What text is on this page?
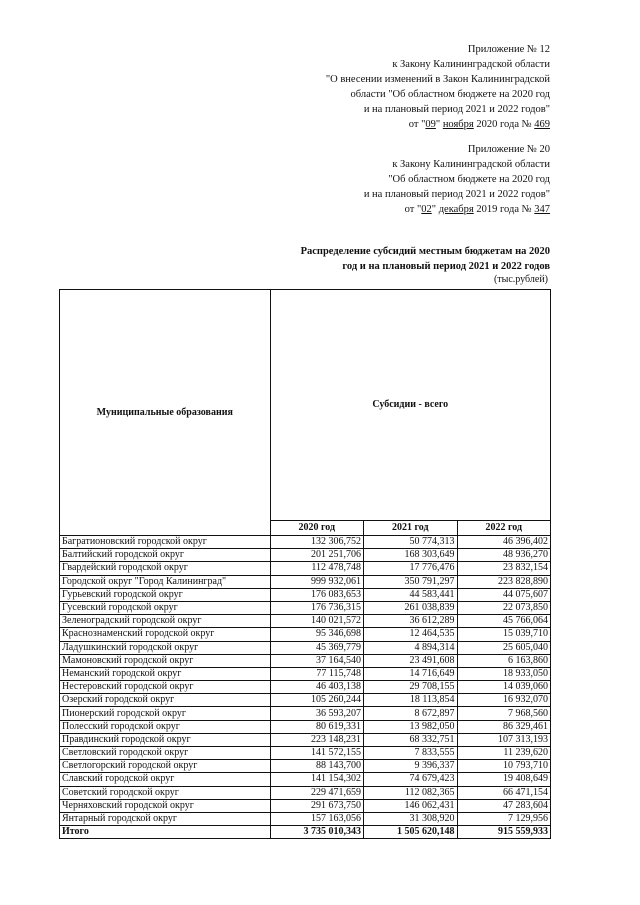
Приложение № 12
к Закону Калининградской области
"О внесении изменений в Закон Калининградской
области "Об областном бюджете на 2020 год
и на плановый период 2021 и 2022 годов"
от "09" ноября 2020 года № 469
Приложение № 20
к Закону Калининградской области
"Об областном бюджете на 2020 год
и на плановый период 2021 и 2022 годов"
от "02" декабря 2019 года № 347
Распределение субсидий местным бюджетам на 2020
год и на плановый период 2021 и 2022 годов
(тыс.рублей)
Муниципальные образования	Субсидии - всего		
	2020 год	2021 год	2022 год
Багратионовский городской округ	132 306,752	50 774,313	46 396,402
Балтийский городской округ	201 251,706	168 303,649	48 936,270
Гвардейский городской округ	112 478,748	17 776,476	23 832,154
Городской округ "Город Калининград"	999 932,061	350 791,297	223 828,890
Гурьевский городской округ	176 083,653	44 583,441	44 075,607
Гусевский городской округ	176 736,315	261 038,839	22 073,850
Зеленоградский городской округ	140 021,572	36 612,289	45 766,064
Краснознаменский городской округ	95 346,698	12 464,535	15 039,710
Ладушкинский городской округ	45 369,779	4 894,314	25 605,040
Мамоновский городской округ	37 164,540	23 491,608	6 163,860
Неманский городской округ	77 115,748	14 716,649	18 933,050
Нестеровский городской округ	46 403,138	29 708,155	14 039,060
Озерский городской округ	105 260,244	18 113,854	16 932,070
Пионерский городской округ	36 593,207	8 672,897	7 968,560
Полесский городской округ	80 619,331	13 982,050	86 329,461
Правдинский городской округ	223 148,231	68 332,751	107 313,193
Светловский городской округ	141 572,155	7 833,555	11 239,620
Светлогорский городской округ	88 143,700	9 396,337	10 793,710
Славский городской округ	141 154,302	74 679,423	19 408,649
Советский городской округ	229 471,659	112 082,365	66 471,154
Черняховский городской округ	291 673,750	146 062,431	47 283,604
Янтарный городской округ	157 163,056	31 308,920	7 129,956
Итого	3 735 010,343	1 505 620,148	915 559,933
